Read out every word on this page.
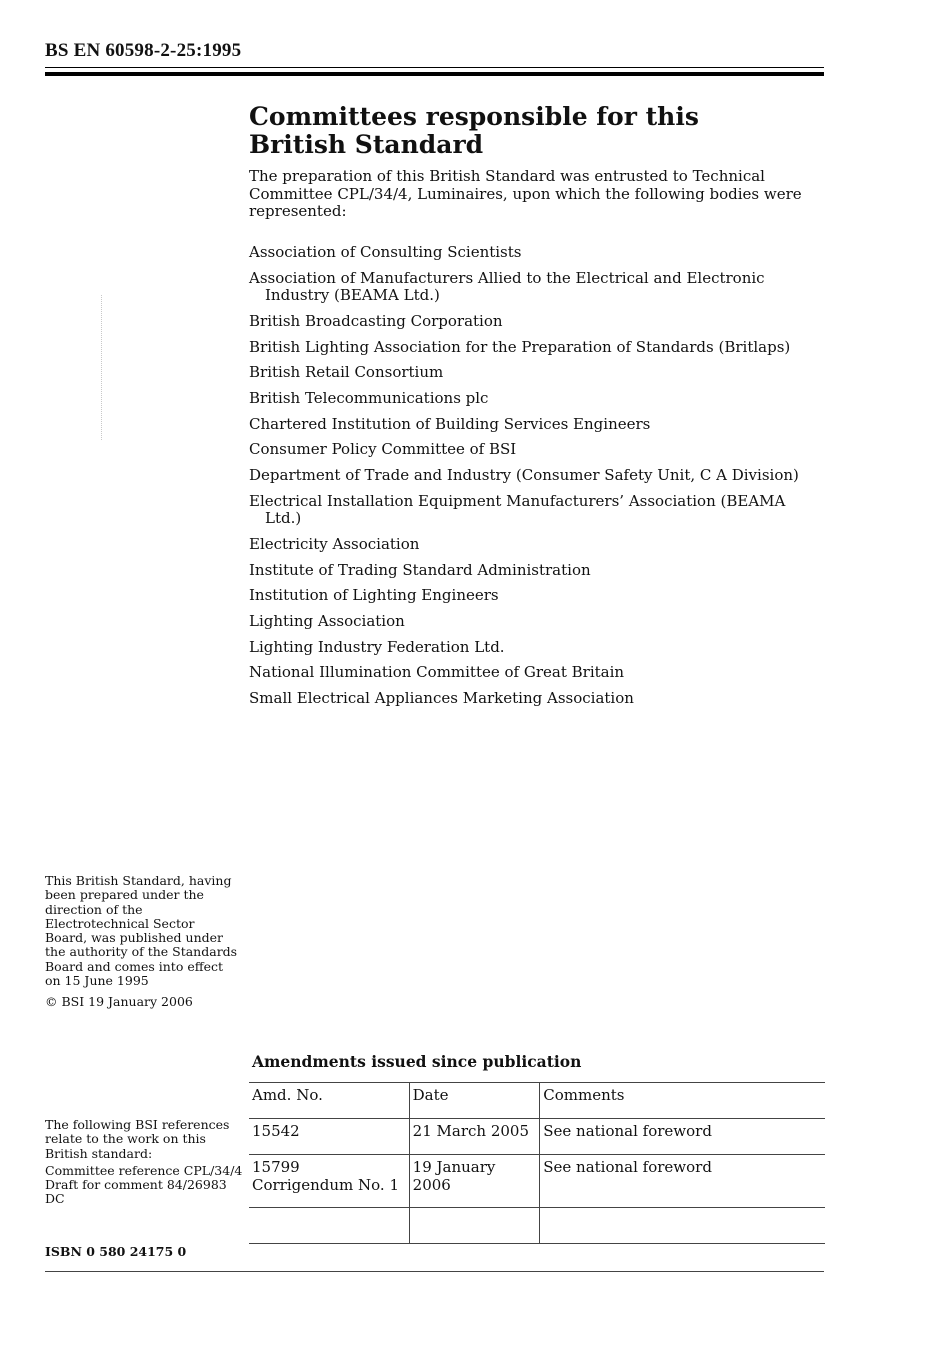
BS EN 60598-2-25:1995
Committees responsible for this
British Standard
The preparation of this British Standard was entrusted to Technical Committee CPL/34/4, Luminaires, upon which the following bodies were represented:
Association of Consulting Scientists
Association of Manufacturers Allied to the Electrical and Electronic Industry (BEAMA Ltd.)
British Broadcasting Corporation
British Lighting Association for the Preparation of Standards (Britlaps)
British Retail Consortium
British Telecommunications plc
Chartered Institution of Building Services Engineers
Consumer Policy Committee of BSI
Department of Trade and Industry (Consumer Safety Unit, C A Division)
Electrical Installation Equipment Manufacturers’ Association (BEAMA Ltd.)
Electricity Association
Institute of Trading Standard Administration
Institution of Lighting Engineers
Lighting Association
Lighting Industry Federation Ltd.
National Illumination Committee of Great Britain
Small Electrical Appliances Marketing Association
This British Standard, having been prepared under the direction of the Electrotechnical Sector Board, was published under the authority of the Standards Board and comes into effect on 15 June 1995
© BSI 19 January 2006
Amendments issued since publication
Amd. No.	Date	Comments

15542	21 March 2005	See national foreword

15799
Corrigendum No. 1	19 January 2006	See national foreword

The following BSI references relate to the work on this British standard:
Committee reference CPL/34/4
Draft for comment 84/26983 DC
ISBN 0 580 24175 0
